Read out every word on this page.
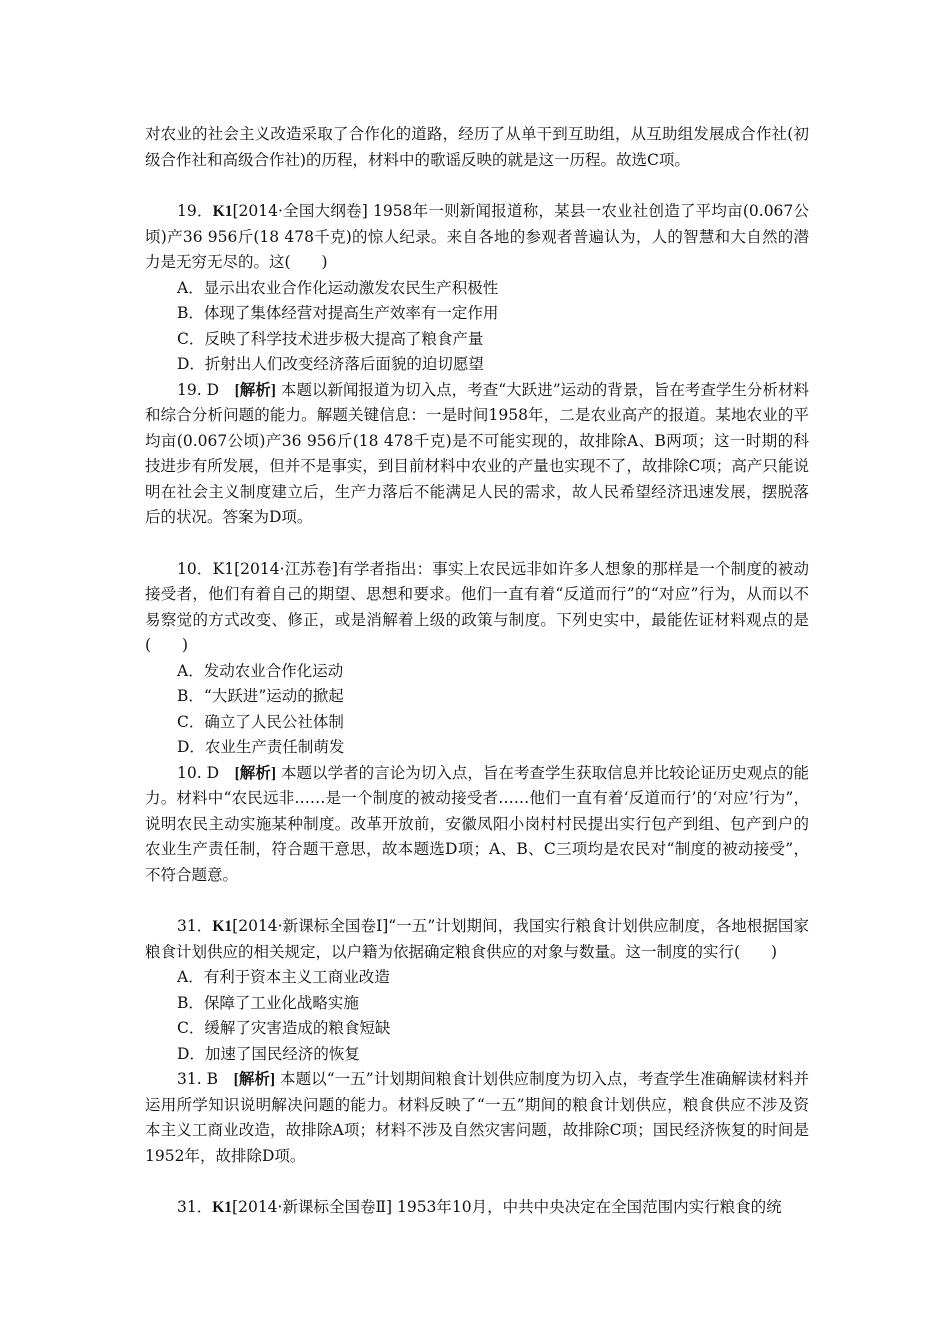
对农业的社会主义改造采取了合作化的道路，经历了从单干到互助组，从互助组发展成合作社(初级合作社和高级合作社)的历程，材料中的歌谣反映的就是这一历程。故选C项。

19．K1[2014·全国大纲卷] 1958年一则新闻报道称，某县一农业社创造了平均亩(0.067公顷)产36 956斤(18 478千克)的惊人纪录。来自各地的参观者普遍认为，人的智慧和大自然的潜力是无穷无尽的。这(　　)

A．显示出农业合作化运动激发农民生产积极性

B．体现了集体经营对提高生产效率有一定作用

C．反映了科学技术进步极大提高了粮食产量

D．折射出人们改变经济落后面貌的迫切愿望

19. D　[解析] 本题以新闻报道为切入点，考查“大跃进”运动的背景，旨在考查学生分析材料和综合分析问题的能力。解题关键信息：一是时间1958年，二是农业高产的报道。某地农业的平均亩(0.067公顷)产36 956斤(18 478千克)是不可能实现的，故排除A、B两项；这一时期的科技进步有所发展，但并不是事实，到目前材料中农业的产量也实现不了，故排除C项；高产只能说明在社会主义制度建立后，生产力落后不能满足人民的需求，故人民希望经济迅速发展，摆脱落后的状况。答案为D项。

10．K1[2014·江苏卷]有学者指出：事实上农民远非如许多人想象的那样是一个制度的被动接受者，他们有着自己的期望、思想和要求。他们一直有着“反道而行”的“对应”行为，从而以不易察觉的方式改变、修正，或是消解着上级的政策与制度。下列史实中，最能佐证材料观点的是(　　)

A．发动农业合作化运动

B．“大跃进”运动的掀起

C．确立了人民公社体制

D．农业生产责任制萌发

10. D　[解析] 本题以学者的言论为切入点，旨在考查学生获取信息并比较论证历史观点的能力。材料中“农民远非……是一个制度的被动接受者……他们一直有着‘反道而行’的‘对应’行为”，说明农民主动实施某种制度。改革开放前，安徽凤阳小岗村村民提出实行包产到组、包产到户的农业生产责任制，符合题干意思，故本题选D项；A、B、C三项均是农民对“制度的被动接受”，不符合题意。

31．K1[2014·新课标全国卷Ⅰ]“一五”计划期间，我国实行粮食计划供应制度，各地根据国家粮食计划供应的相关规定，以户籍为依据确定粮食供应的对象与数量。这一制度的实行(　　)

A．有利于资本主义工商业改造

B．保障了工业化战略实施

C．缓解了灾害造成的粮食短缺

D．加速了国民经济的恢复

31. B　[解析] 本题以“一五”计划期间粮食计划供应制度为切入点，考查学生准确解读材料并运用所学知识说明解决问题的能力。材料反映了“一五”期间的粮食计划供应，粮食供应不涉及资本主义工商业改造，故排除A项；材料不涉及自然灾害问题，故排除C项；国民经济恢复的时间是1952年，故排除D项。

31．K1[2014·新课标全国卷Ⅱ] 1953年10月，中共中央决定在全国范围内实行粮食的统
